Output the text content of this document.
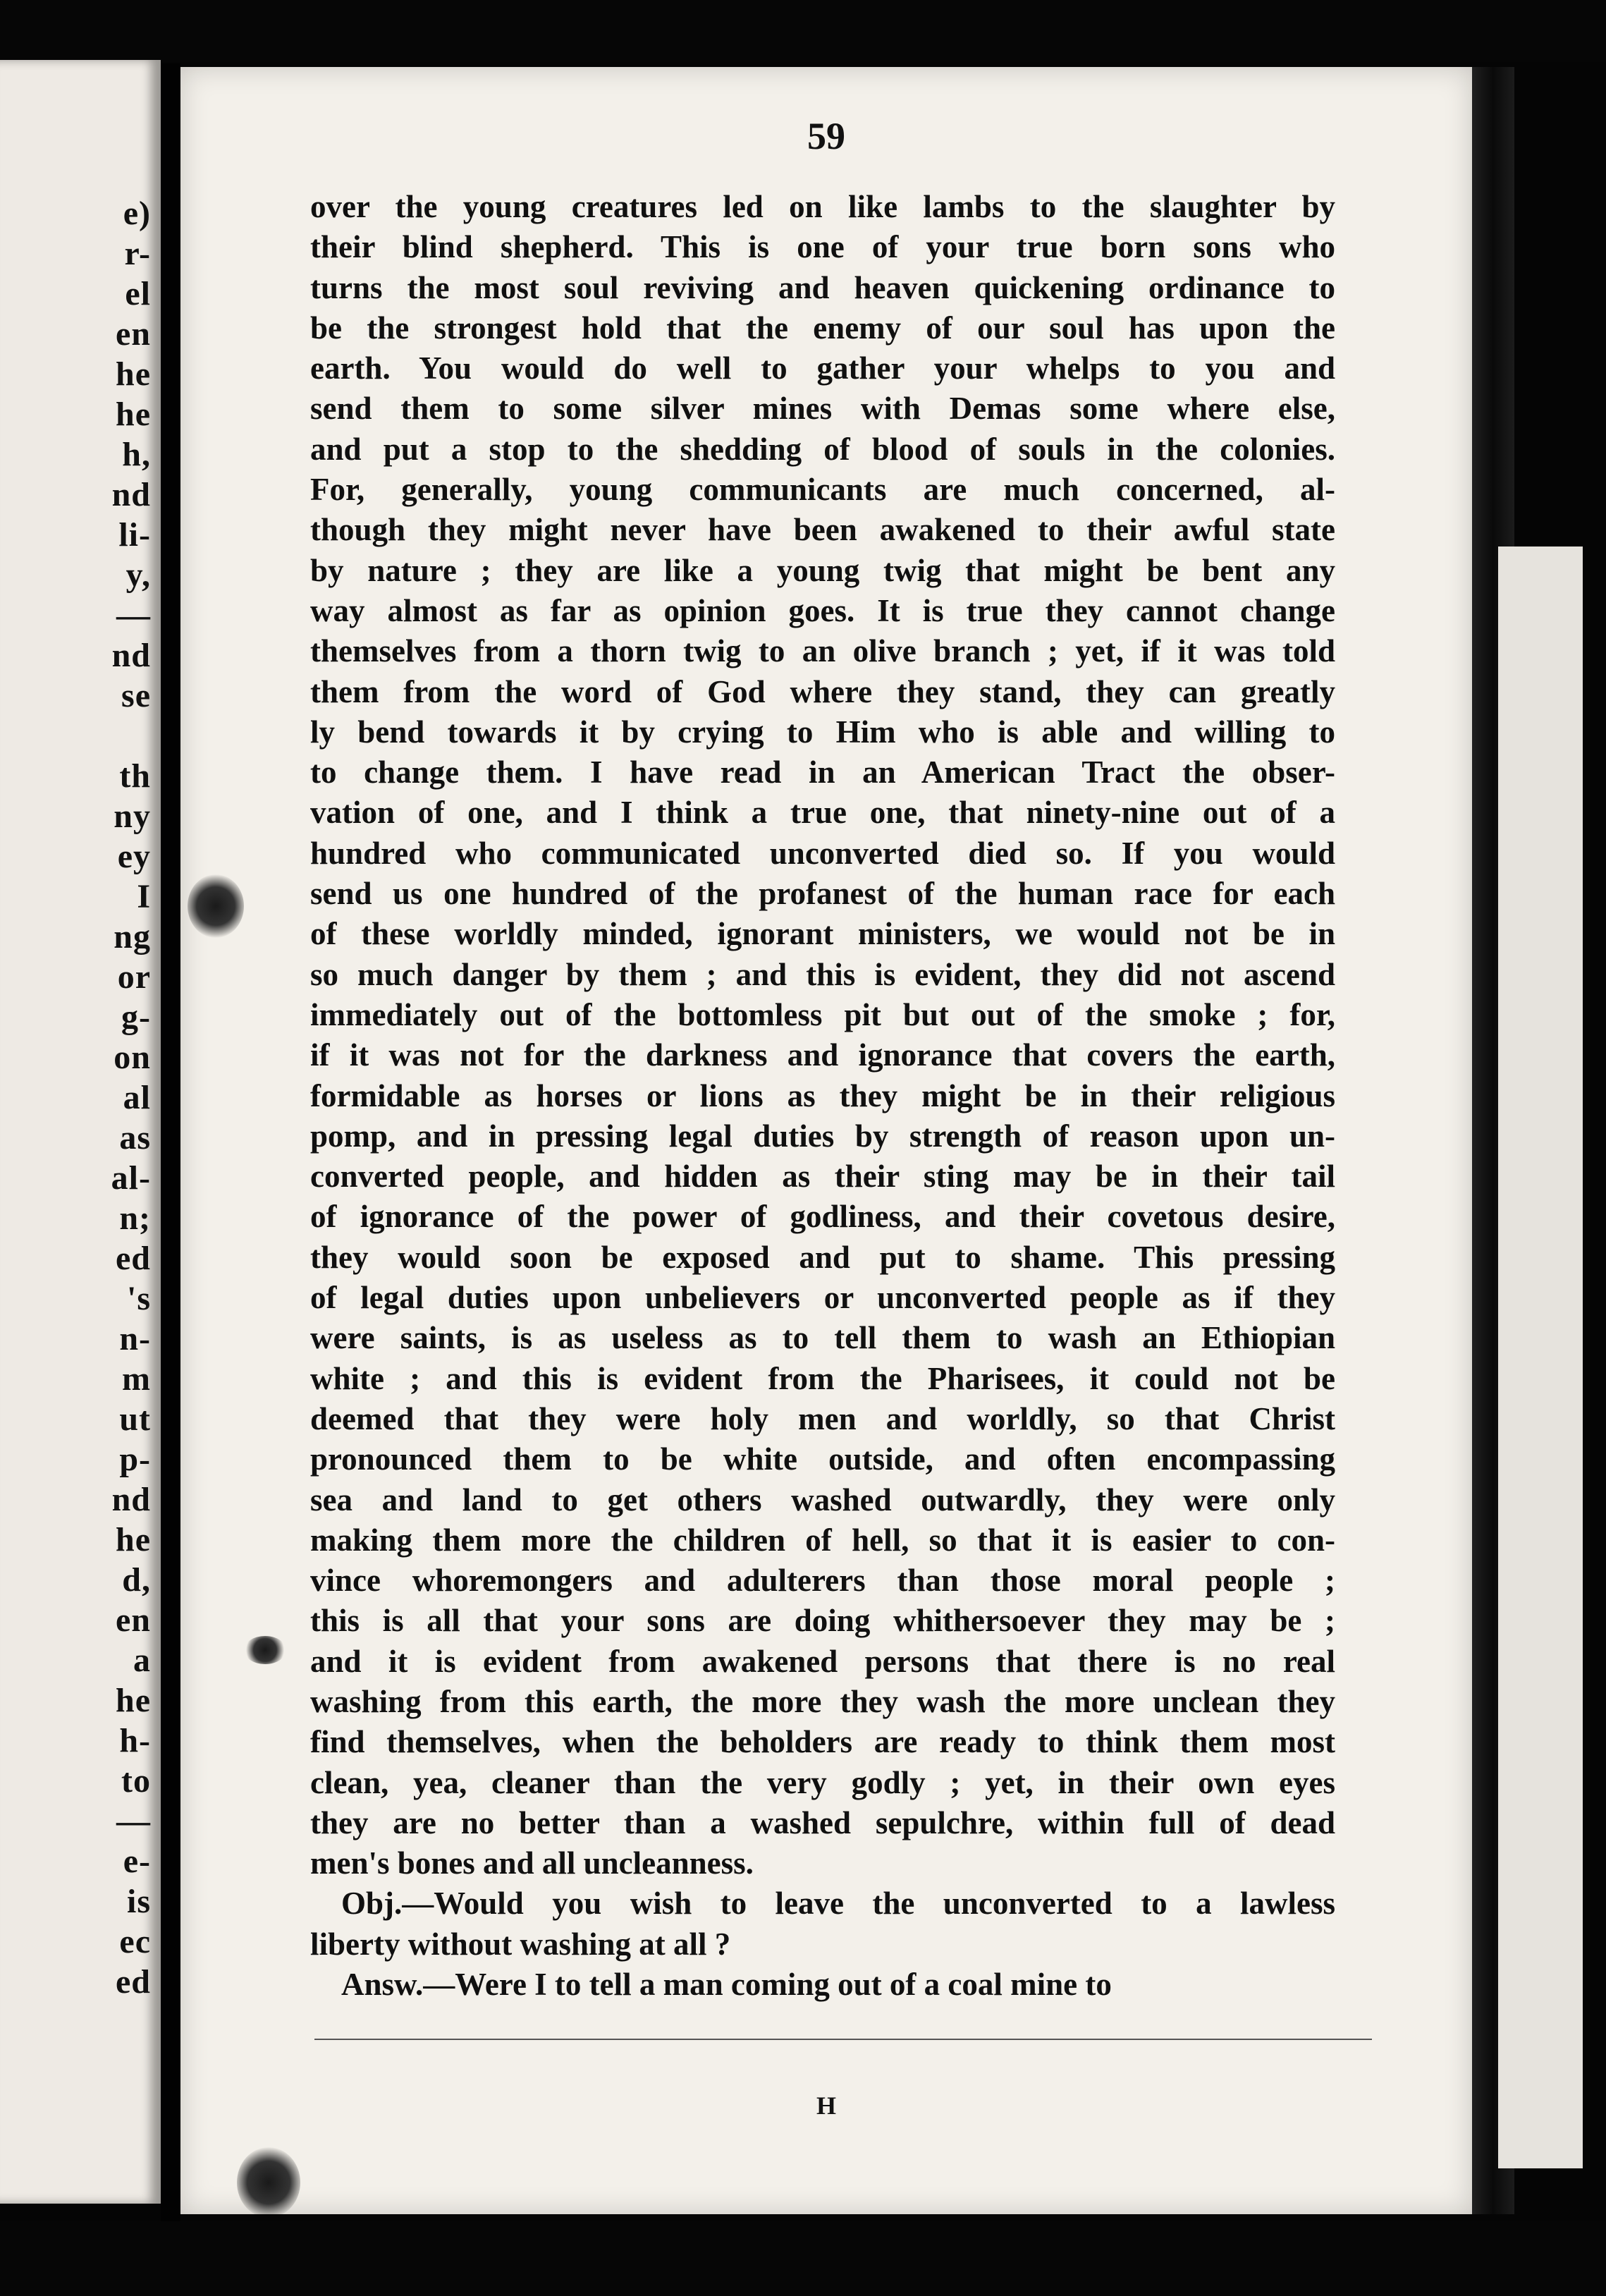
e)

r-

el

en

he

he

h,

nd

li-

y,

—

nd

se

th

ny

ey

I

ng

or

g-

on

al

as

al-

n;

ed

's

n-

m

ut

p-

nd

he

d,

en

a

he

h-

to

—

e-

is

ec

ed

59

over the young creatures led on like lambs to the slaughter by

their blind shepherd. This is one of your true born sons who

turns the most soul reviving and heaven quickening ordinance to

be the strongest hold that the enemy of our soul has upon the

earth. You would do well to gather your whelps to you and

send them to some silver mines with Demas some where else,

and put a stop to the shedding of blood of souls in the colonies.

For, generally, young communicants are much concerned, al-

though they might never have been awakened to their awful state

by nature ; they are like a young twig that might be bent any

way almost as far as opinion goes. It is true they cannot change

themselves from a thorn twig to an olive branch ; yet, if it was told

them from the word of God where they stand, they can greatly

ly bend towards it by crying to Him who is able and willing to

to change them. I have read in an American Tract the obser-

vation of one, and I think a true one, that ninety-nine out of a

hundred who communicated unconverted died so. If you would

send us one hundred of the profanest of the human race for each

of these worldly minded, ignorant ministers, we would not be in

so much danger by them ; and this is evident, they did not ascend

immediately out of the bottomless pit but out of the smoke ; for,

if it was not for the darkness and ignorance that covers the earth,

formidable as horses or lions as they might be in their religious

pomp, and in pressing legal duties by strength of reason upon un-

converted people, and hidden as their sting may be in their tail

of ignorance of the power of godliness, and their covetous desire,

they would soon be exposed and put to shame. This pressing

of legal duties upon unbelievers or unconverted people as if they

were saints, is as useless as to tell them to wash an Ethiopian

white ; and this is evident from the Pharisees, it could not be

deemed that they were holy men and worldly, so that Christ

pronounced them to be white outside, and often encompassing

sea and land to get others washed outwardly, they were only

making them more the children of hell, so that it is easier to con-

vince whoremongers and adulterers than those moral people ;

this is all that your sons are doing whithersoever they may be ;

and it is evident from awakened persons that there is no real

washing from this earth, the more they wash the more unclean they

find themselves, when the beholders are ready to think them most

clean, yea, cleaner than the very godly ; yet, in their own eyes

they are no better than a washed sepulchre, within full of dead

men's bones and all uncleanness.

Obj.—Would you wish to leave the unconverted to a lawless

liberty without washing at all ?

Answ.—Were I to tell a man coming out of a coal mine to

H
